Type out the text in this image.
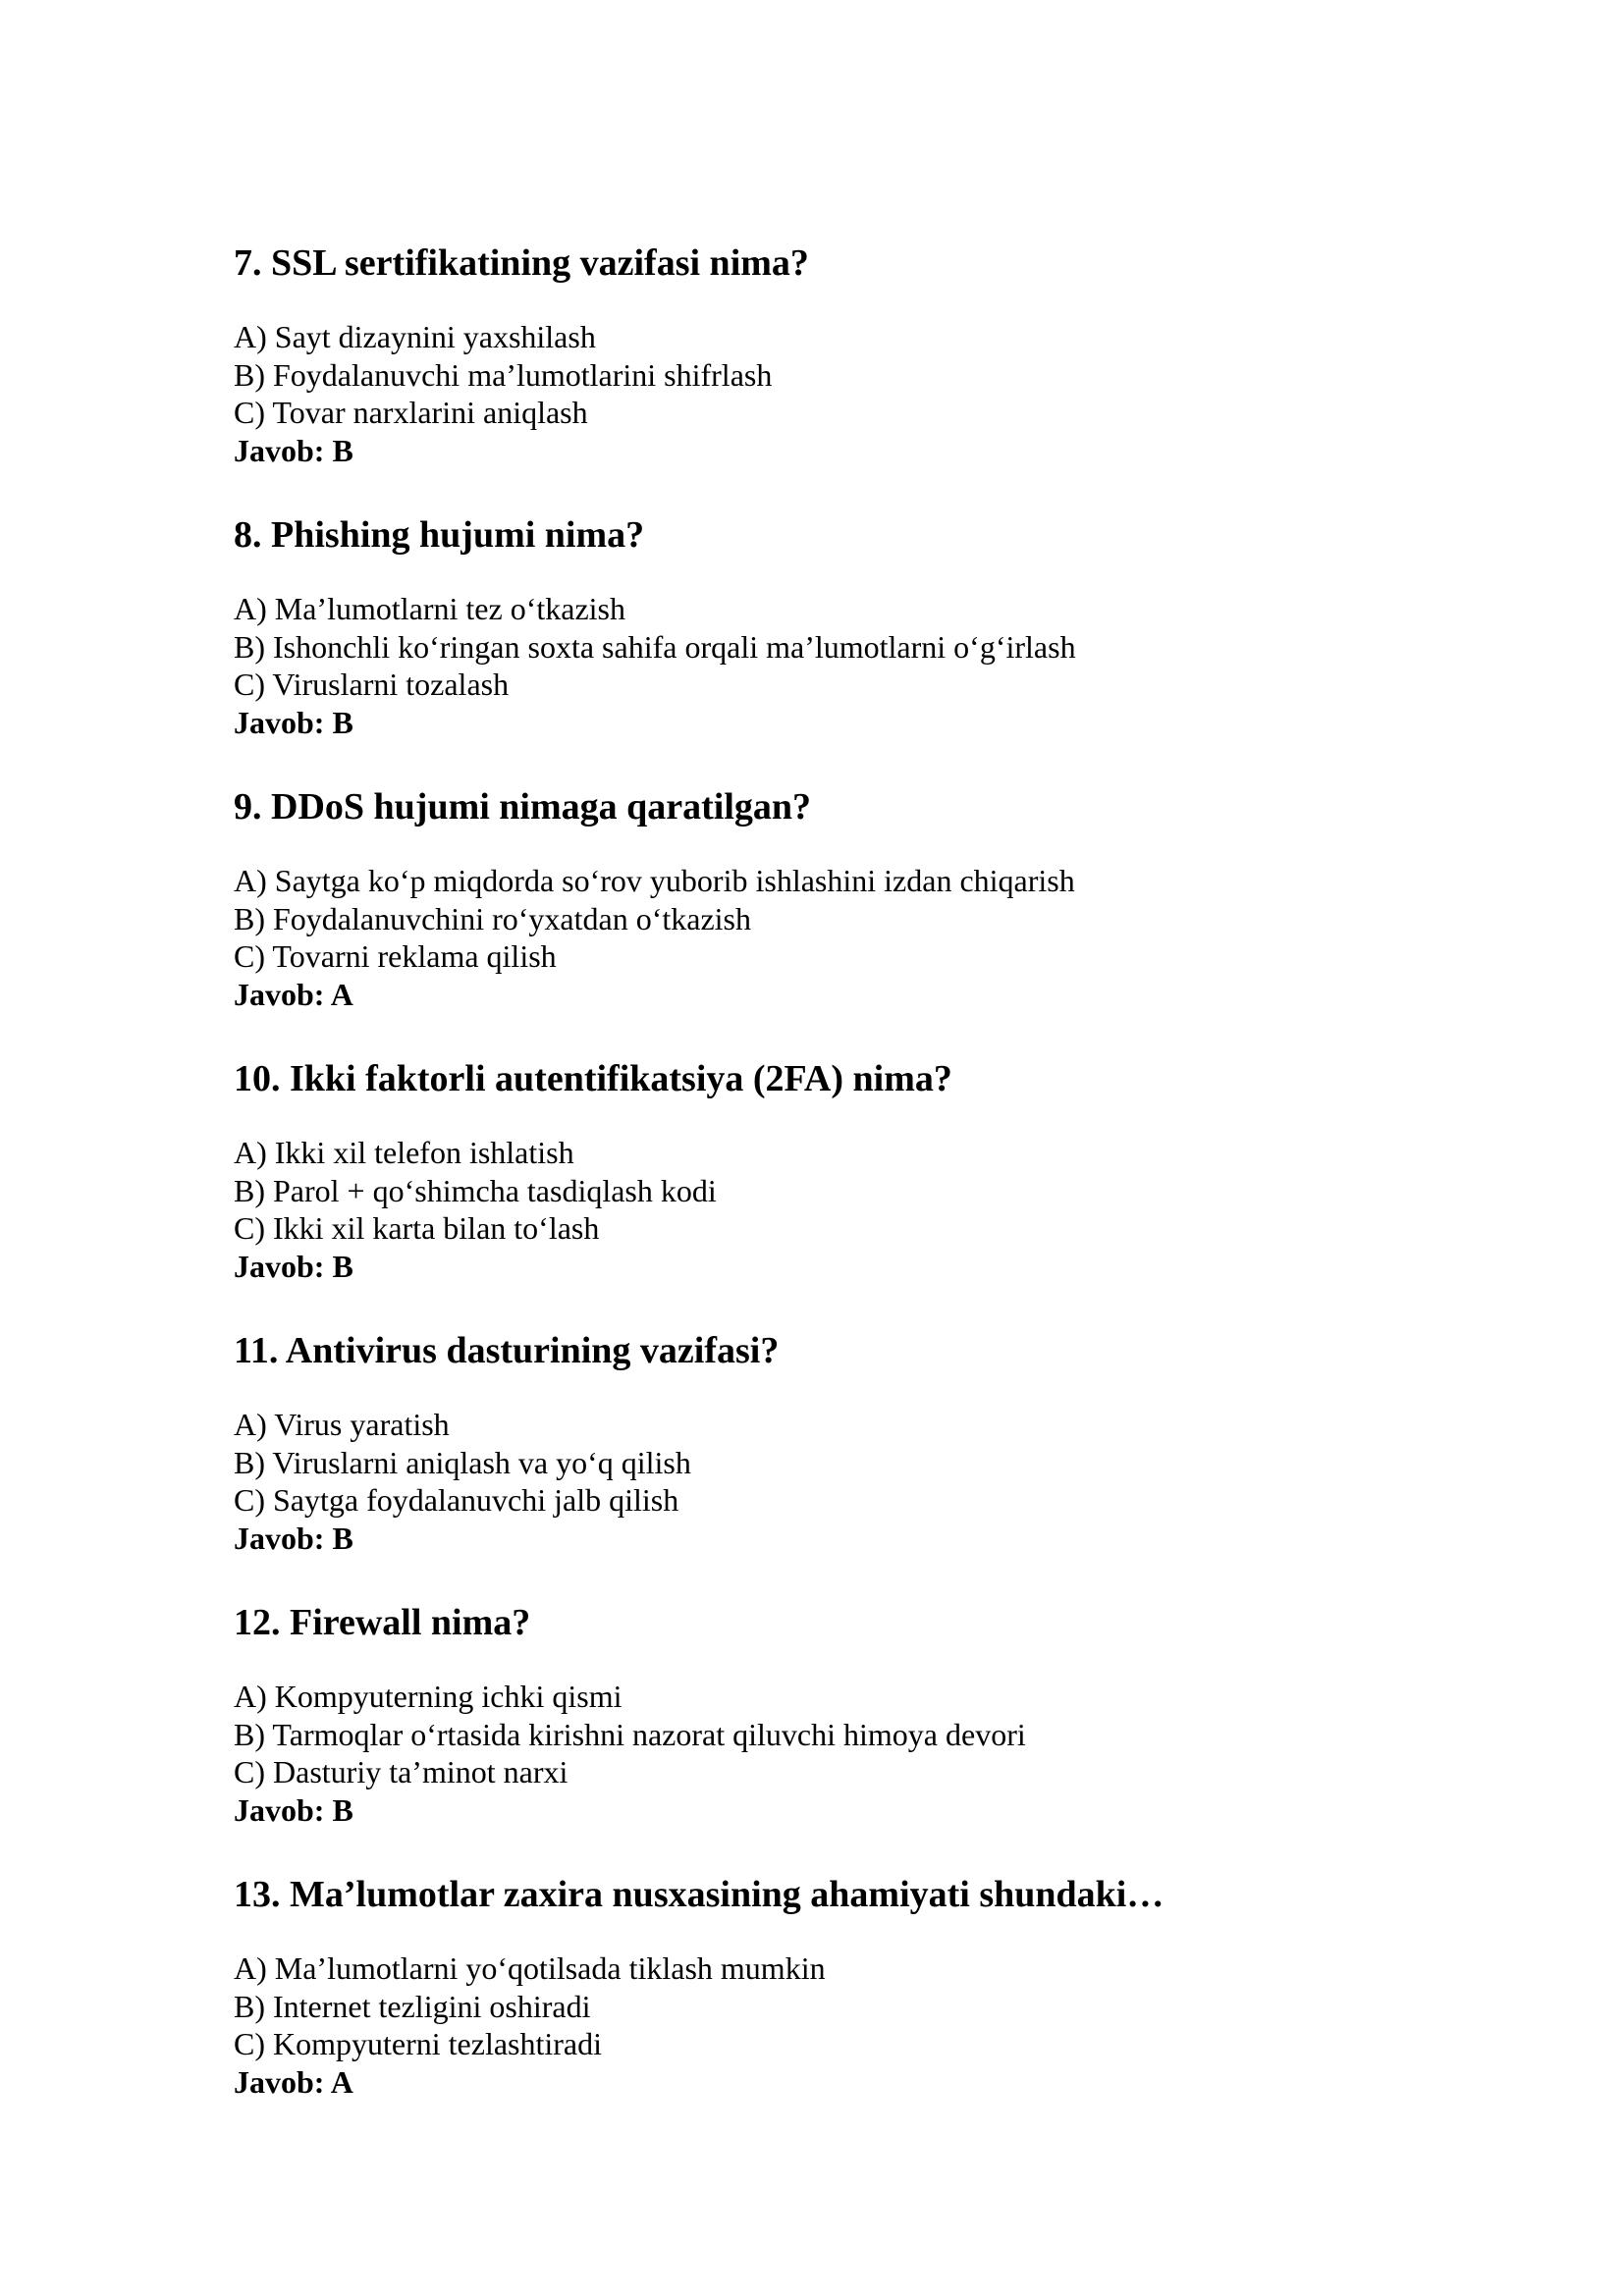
7. SSL sertifikatining vazifasi nima?
A) Sayt dizaynini yaxshilash
B) Foydalanuvchi ma’lumotlarini shifrlash
C) Tovar narxlarini aniqlash
Javob: B
8. Phishing hujumi nima?
A) Ma’lumotlarni tez o‘tkazish
B) Ishonchli ko‘ringan soxta sahifa orqali ma’lumotlarni o‘g‘irlash
C) Viruslarni tozalash
Javob: B
9. DDoS hujumi nimaga qaratilgan?
A) Saytga ko‘p miqdorda so‘rov yuborib ishlashini izdan chiqarish
B) Foydalanuvchini ro‘yxatdan o‘tkazish
C) Tovarni reklama qilish
Javob: A
10. Ikki faktorli autentifikatsiya (2FA) nima?
A) Ikki xil telefon ishlatish
B) Parol + qo‘shimcha tasdiqlash kodi
C) Ikki xil karta bilan to‘lash
Javob: B
11. Antivirus dasturining vazifasi?
A) Virus yaratish
B) Viruslarni aniqlash va yo‘q qilish
C) Saytga foydalanuvchi jalb qilish
Javob: B
12. Firewall nima?
A) Kompyuterning ichki qismi
B) Tarmoqlar o‘rtasida kirishni nazorat qiluvchi himoya devori
C) Dasturiy ta’minot narxi
Javob: B
13. Ma’lumotlar zaxira nusxasining ahamiyati shundaki…
A) Ma’lumotlarni yo‘qotilsada tiklash mumkin
B) Internet tezligini oshiradi
C) Kompyuterni tezlashtiradi
Javob: A
